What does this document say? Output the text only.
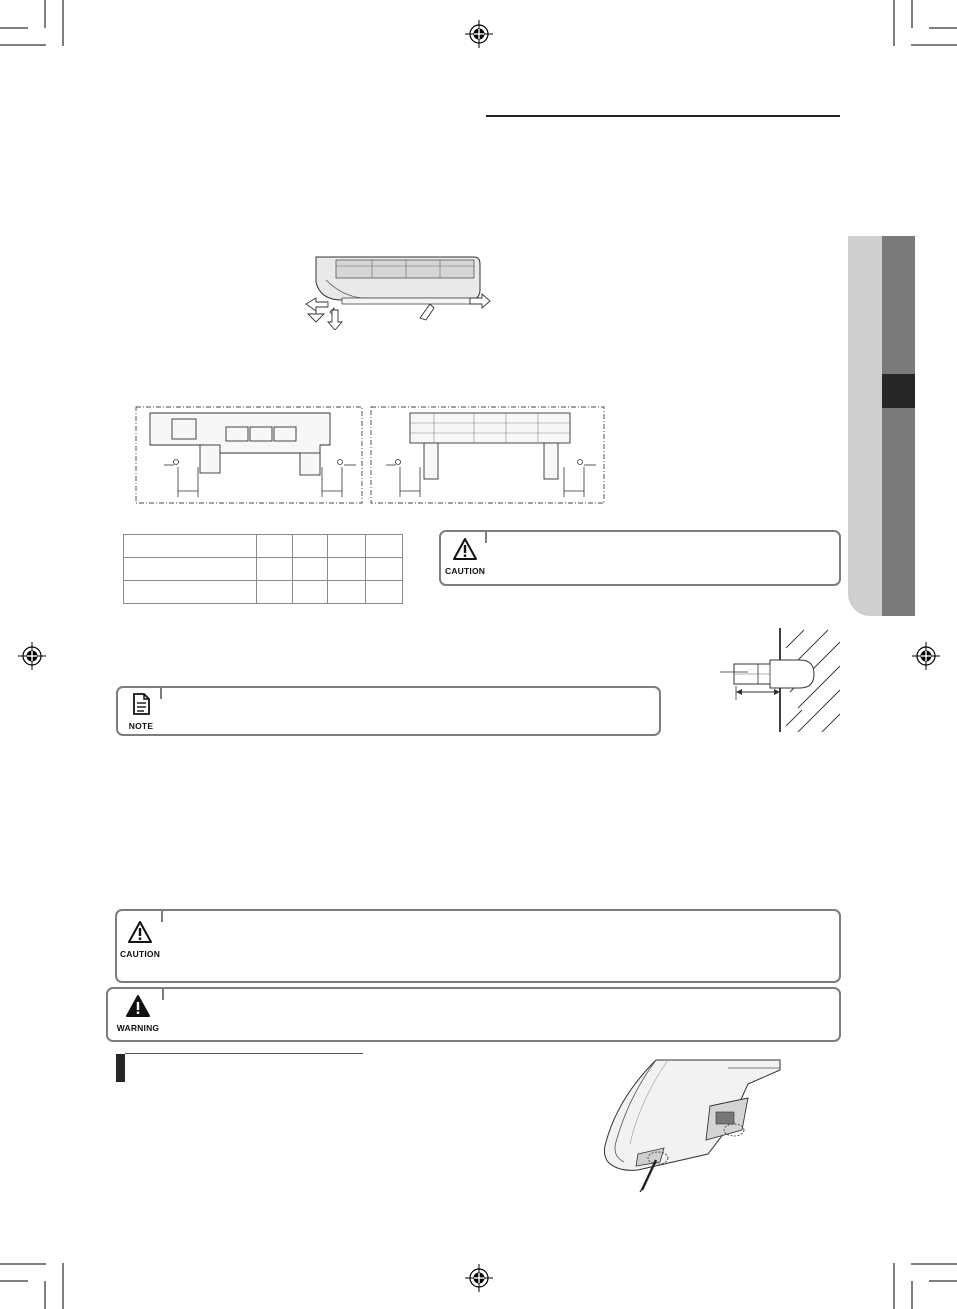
CAUTION
NOTE
CAUTION
WARNING
